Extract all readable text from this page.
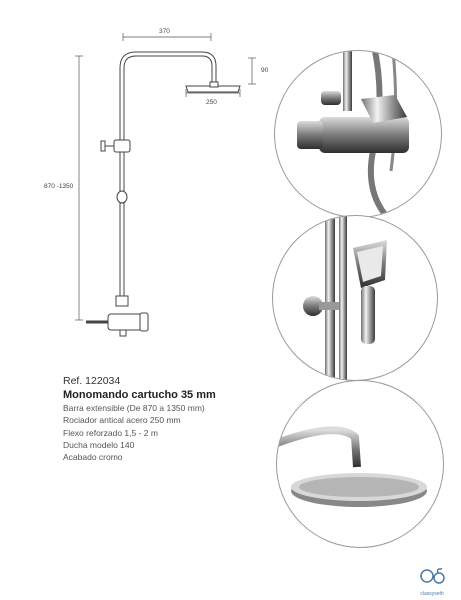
370
250
90
870 -1350
Ref. 122034
Monomando cartucho 35 mm
Barra extensible (De 870 a 1350 mm)
Rociador antical acero 250 mm
Flexo reforzado 1,5 - 2 m
Ducha modelo 140
Acabado cromo
classyseth
